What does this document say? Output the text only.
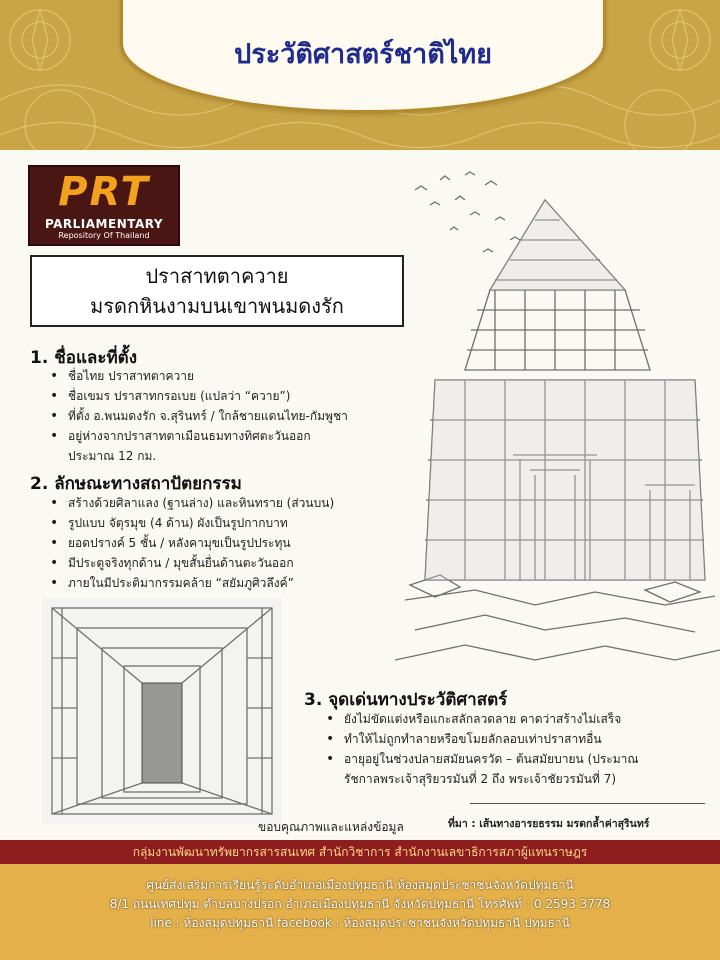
ประวัติศาสตร์ชาติไทย
PRT
PARLIAMENTARY
Repository Of Thailand
ปราสาทตาควาย
มรดกหินงามบนเขาพนมดงรัก
1. ชื่อและที่ตั้ง
• ชื่อไทย ปราสาทตาควาย
• ชื่อเขมร ปราสาทกรอเบย (แปลว่า “ควาย”)
• ที่ตั้ง อ.พนมดงรัก จ.สุรินทร์ / ใกล้ชายแดนไทย-กัมพูชา
• อยู่ห่างจากปราสาทตาเมือนธมทางทิศตะวันออก
ประมาณ 12 กม.
2. ลักษณะทางสถาปัตยกรรม
• สร้างด้วยศิลาแลง (ฐานล่าง) และหินทราย (ส่วนบน)
• รูปแบบ จัตุรมุข (4 ด้าน) ผังเป็นรูปกากบาท
• ยอดปรางค์ 5 ชั้น / หลังคามุขเป็นรูปประทุน
• มีประตูจริงทุกด้าน / มุขสั้นยื่นด้านตะวันออก
• ภายในมีประติมากรรมคล้าย “สยัมภูศิวลึงค์”
3. จุดเด่นทางประวัติศาสตร์
• ยังไม่ขัดแต่งหรือแกะสลักลวดลาย คาดว่าสร้างไม่เสร็จ
• ทำให้ไม่ถูกทำลายหรือขโมยลักลอบเท่าปราสาทอื่น
• อายุอยู่ในช่วงปลายสมัยนครวัด – ต้นสมัยบายน (ประมาณ
รัชกาลพระเจ้าสุริยวรมันที่ 2 ถึง พระเจ้าชัยวรมันที่ 7)
ขอบคุณภาพและแหล่งข้อมูล	ที่มา : เส้นทางอารยธรรม มรดกล้ำค่าสุรินทร์
กลุ่มงานพัฒนาทรัพยากรสารสนเทศ สำนักวิชาการ สำนักงานเลขาธิการสภาผู้แทนราษฎร
ศูนย์ส่งเสริมการเรียนรู้ระดับอำเภอเมืองปทุมธานี ห้องสมุดประชาชนจังหวัดปทุมธานี
8/1 ถนนเทศปทุม ตำบลบางปรอก อำเภอเมืองปทุมธานี จังหวัดปทุมธานี โทรศัพท์ : 0 2593 3778
line : ห้องสมุดปทุมธานี facebook : ห้องสมุดประชาชนจังหวัดปทุมธานี ปทุมธานี
